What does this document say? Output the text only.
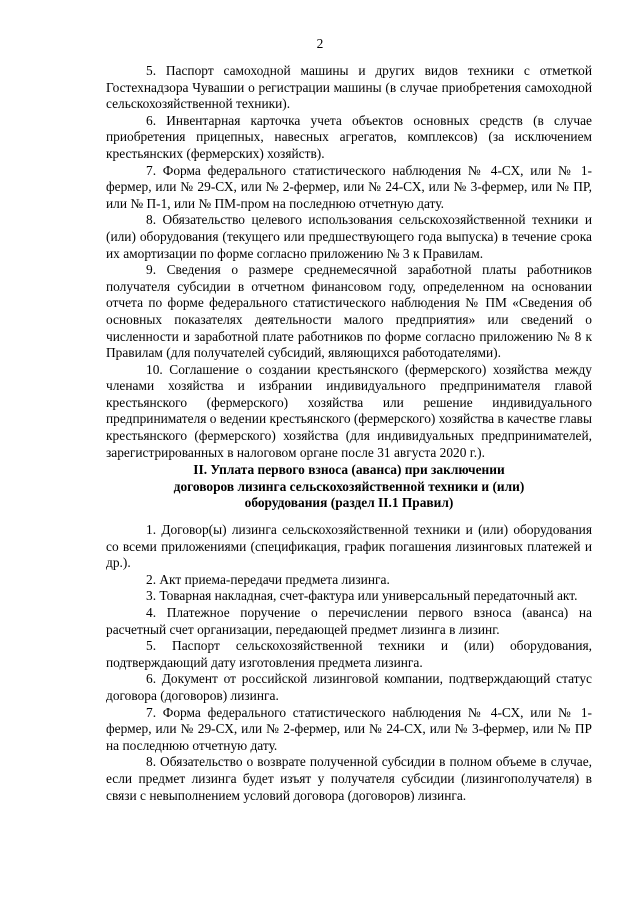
2

5. Паспорт самоходной машины и других видов техники с отметкой Гостехнадзора Чувашии о регистрации машины (в случае приобретения самоходной сельскохозяйственной техники).

6. Инвентарная карточка учета объектов основных средств (в случае приобретения прицепных, навесных агрегатов, комплексов) (за исключением крестьянских (фермерских) хозяйств).

7. Форма федерального статистического наблюдения № 4-СХ, или № 1-фермер, или № 29-СХ, или № 2-фермер, или № 24-СХ, или № 3-фермер, или № ПР, или № П-1, или № ПМ-пром на последнюю отчетную дату.

8. Обязательство целевого использования сельскохозяйственной техники и (или) оборудования (текущего или предшествующего года выпуска) в течение срока их амортизации по форме согласно приложению № 3 к Правилам.

9. Сведения о размере среднемесячной заработной платы работников получателя субсидии в отчетном финансовом году, определенном на основании отчета по форме федерального статистического наблюдения № ПМ «Сведения об основных показателях деятельности малого предприятия» или сведений о численности и заработной плате работников по форме согласно приложению № 8 к Правилам (для получателей субсидий, являющихся работодателями).

10. Соглашение о создании крестьянского (фермерского) хозяйства между членами хозяйства и избрании индивидуального предпринимателя главой крестьянского (фермерского) хозяйства или решение индивидуального предпринимателя о ведении крестьянского (фермерского) хозяйства в качестве главы крестьянского (фермерского) хозяйства (для индивидуальных предпринимателей, зарегистрированных в налоговом органе после 31 августа 2020 г.).

II. Уплата первого взноса (аванса) при заключении
договоров лизинга сельскохозяйственной техники и (или)
оборудования (раздел II.1 Правил)

1. Договор(ы) лизинга сельскохозяйственной техники и (или) оборудования со всеми приложениями (спецификация, график погашения лизинговых платежей и др.).

2. Акт приема-передачи предмета лизинга.

3. Товарная накладная, счет-фактура или универсальный передаточный акт.

4. Платежное поручение о перечислении первого взноса (аванса) на расчетный счет организации, передающей предмет лизинга в лизинг.

5. Паспорт сельскохозяйственной техники и (или) оборудования, подтверждающий дату изготовления предмета лизинга.

6. Документ от российской лизинговой компании, подтверждающий статус договора (договоров) лизинга.

7. Форма федерального статистического наблюдения № 4-СХ, или № 1-фермер, или № 29-СХ, или № 2-фермер, или № 24-СХ, или № 3-фермер, или № ПР на последнюю отчетную дату.

8. Обязательство о возврате полученной субсидии в полном объеме в случае, если предмет лизинга будет изъят у получателя субсидии (лизингополучателя) в связи с невыполнением условий договора (договоров) лизинга.
